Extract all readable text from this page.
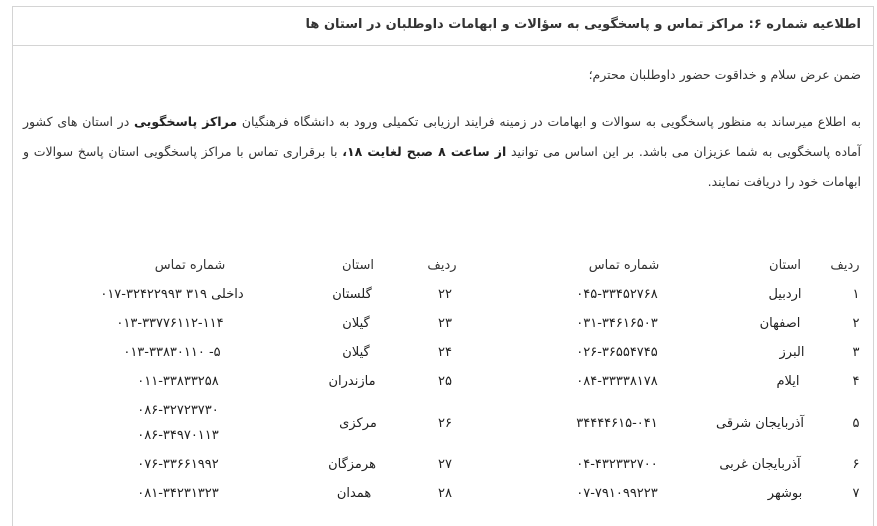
اطلاعیه شماره ۶: مراکز تماس و پاسخگویی به سؤالات و ابهامات داوطلبان در استان ها
ضمن عرض سلام و خداقوت حضور داوطلبان محترم؛
به اطلاع میرساند به منظور پاسخگویی به سوالات و ابهامات در زمینه فرایند ارزیابی تکمیلی ورود به دانشگاه فرهنگیان مراکز پاسخگویی در استان های کشور آماده پاسخگویی به شما عزیزان می باشد. بر این اساس می توانید از ساعت ۸ صبح لغایت ۱۸، با برقراری تماس با مراکز پاسخگویی استان پاسخ سوالات و ابهامات خود را دریافت نمایند.
ردیف
استان
شماره تماس
ردیف
استان
شماره تماس
۱
اردبیل
۰۴۵-۳۳۴۵۲۷۶۸
۲
اصفهان
۰۳۱-۳۴۶۱۶۵۰۳
۳
البرز
۰۲۶-۳۶۵۵۴۷۴۵
۴
ایلام
۰۸۴-۳۳۳۳۸۱۷۸
۵
آذربایجان شرقی
۳۴۴۴۴۶۱۵-۰۴۱
۶
آذربایجان غربی
۰۴-۴۳۲۳۳۲۷۰۰
۷
بوشهر
۰۷-۷۹۱۰۹۹۲۲۳
۲۲
گلستان
۰۱۷-۳۲۴۲۲۹۹۳ داخلی ۳۱۹
۲۳
گیلان
۰۱۳-۳۳۷۷۶۱۱۲-۱۱۴
۲۴
گیلان
۰۱۳-۳۳۸۳۰۱۱۰ -۵
۲۵
مازندران
۰۱۱-۳۳۸۳۳۲۵۸
۲۶
مرکزی
۰۸۶-۳۲۷۲۳۷۳۰
۰۸۶-۳۴۹۷۰۱۱۳
۲۷
هرمزگان
۰۷۶-۳۳۶۶۱۹۹۲
۲۸
همدان
۰۸۱-۳۴۲۳۱۳۲۳
